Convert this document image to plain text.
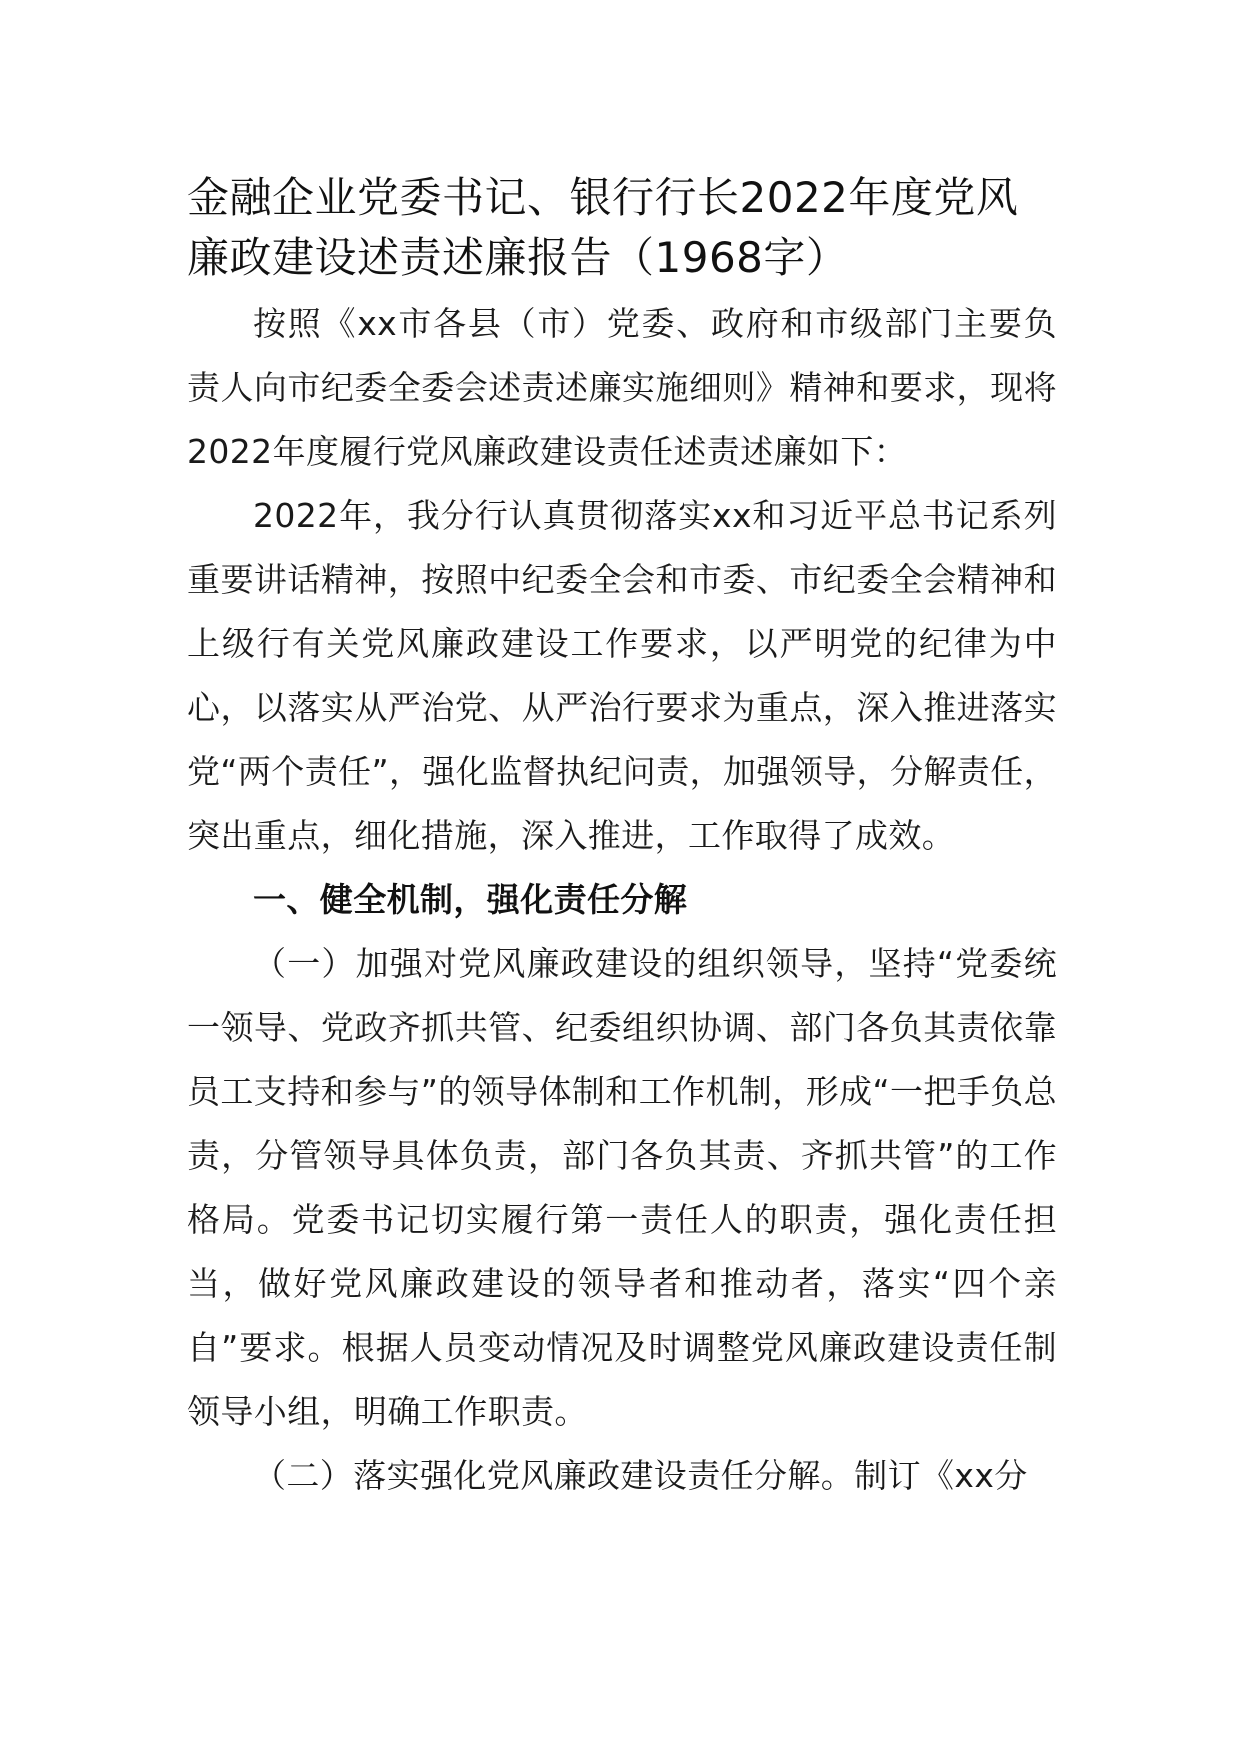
金融企业党委书记、银行行长2022年度党风廉政建设述责述廉报告（1968字）

按照《xx市各县（市）党委、政府和市级部门主要负责人向市纪委全委会述责述廉实施细则》精神和要求，现将2022年度履行党风廉政建设责任述责述廉如下：

2022年，我分行认真贯彻落实xx和习近平总书记系列重要讲话精神，按照中纪委全会和市委、市纪委全会精神和上级行有关党风廉政建设工作要求，以严明党的纪律为中心，以落实从严治党、从严治行要求为重点，深入推进落实党“两个责任”，强化监督执纪问责，加强领导，分解责任，突出重点，细化措施，深入推进，工作取得了成效。

一、健全机制，强化责任分解

（一）加强对党风廉政建设的组织领导，坚持“党委统一领导、党政齐抓共管、纪委组织协调、部门各负其责依靠员工支持和参与”的领导体制和工作机制，形成“一把手负总责，分管领导具体负责，部门各负其责、齐抓共管”的工作格局。党委书记切实履行第一责任人的职责，强化责任担当，做好党风廉政建设的领导者和推动者，落实“四个亲自”要求。根据人员变动情况及时调整党风廉政建设责任制领导小组，明确工作职责。

（二）落实强化党风廉政建设责任分解。制订《xx分
